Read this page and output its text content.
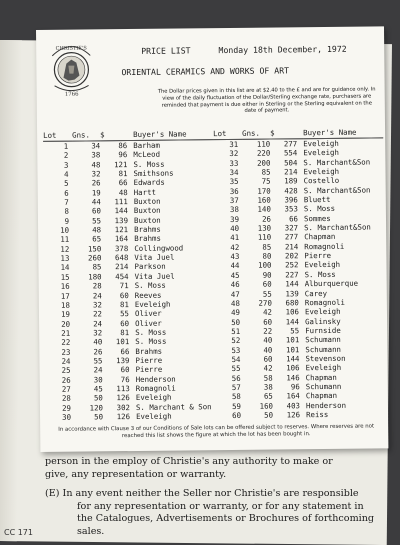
person in the employ of Christie's any authority to make or

give, any representation or warranty.

(E) In any event neither the Seller nor Christie's are responsible for any representation or warranty, or for any statement in the Catalogues, Advertisements or Brochures of forthcoming sales.

CC 171
CHRISTIE'S
1766
PRICE LIST	Monday 18th December, 1972
ORIENTAL CERAMICS AND WORKS OF ART
The Dollar prices given in this list are at $2.40 to the £ and are for guidance only. In view of the daily fluctuation of the Dollar/Sterling exchange rate, purchasers are reminded that payment is due either in Sterling or the Sterling equivalent on the date of payment.
Lot	Gns.	$	Buyer's Name	Lot	Gns.	$	Buyer's Name
1	34	86	Barham	31	110	277	Eveleigh
2	38	96	McLeod	32	220	554	Eveleigh
3	48	121	S. Moss	33	200	504	S. Marchant&Son
4	32	81	Smithsons	34	85	214	Eveleigh
5	26	66	Edwards	35	75	189	Costello
6	19	48	Hartt	36	170	428	S. Marchant&Son
7	44	111	Buxton	37	160	396	Bluett
8	60	144	Buxton	38	140	353	S. Moss
9	55	139	Buxton	39	26	66	Sommes
10	48	121	Brahms	40	130	327	S. Marchant&Son
11	65	164	Brahms	41	110	277	Chapman
12	150	378	Collingwood	42	85	214	Romagnoli
13	260	648	Vita Juel	43	80	202	Pierre
14	85	214	Parkson	44	100	252	Eveleigh
15	180	454	Vita Juel	45	90	227	S. Moss
16	28	71	S. Moss	46	60	144	Alburquerque
17	24	60	Reeves	47	55	139	Carey
18	32	81	Eveleigh	48	270	680	Romagnoli
19	22	55	Oliver	49	42	106	Eveleigh
20	24	60	Oliver	50	60	144	Galinsky
21	32	81	S. Moss	51	22	55	Furnside
22	40	101	S. Moss	52	40	101	Schumann
23	26	66	Brahms	53	40	101	Schumann
24	55	139	Pierre	54	60	144	Stevenson
25	24	60	Pierre	55	42	106	Eveleigh
26	30	76	Henderson	56	58	146	Chapman
27	45	113	Romagnoli	57	38	96	Schumann
28	50	126	Eveleigh	58	65	164	Chapman
29	120	302	S. Marchant & Son	59	160	403	Henderson
30	50	126	Eveleigh	60	50	126	Reiss
In accordance with Clause 3 of our Conditions of Sale lots can be offered subject to reserves. Where reserves are not reached this list shows the figure at which the lot has been bought in.
